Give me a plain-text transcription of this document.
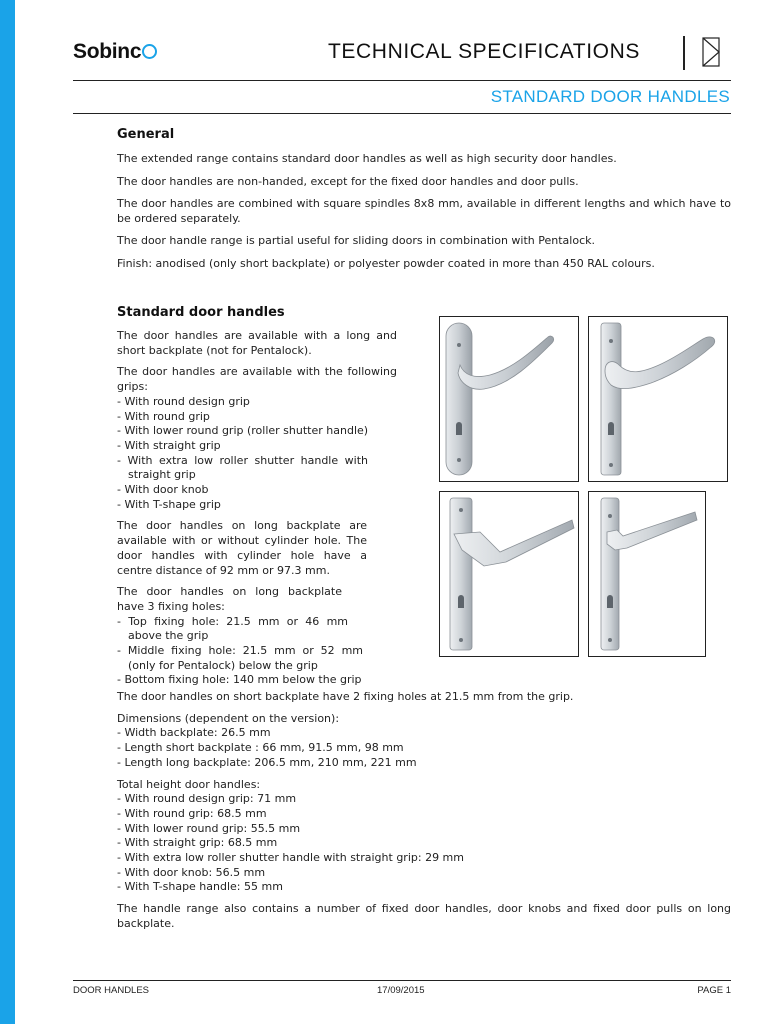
Sobinc	TECHNICAL SPECIFICATIONS
STANDARD DOOR HANDLES
General

The extended range contains standard door handles as well as high security door handles.

The door handles are non-handed, except for the fixed door handles and door pulls.

The door handles are combined with square spindles 8x8 mm, available in different lengths and which have to be ordered separately.

The door handle range is partial useful for sliding doors in combination with Pentalock.

Finish: anodised (only short backplate) or polyester powder coated in more than 450 RAL colours.

Standard door handles

The door handles are available with a long and short backplate (not for Pentalock).

The door handles are available with the following grips:

- With round design grip
- With round grip
- With lower round grip (roller shutter handle)
- With straight grip
- With extra low roller shutter handle with straight grip
- With door knob
- With T-shape grip

The door handles on long backplate are available with or without cylinder hole. The door handles with cylinder hole have a centre distance of 92 mm or 97.3 mm.

The door handles on long backplate have 3 fixing holes:

- Top fixing hole: 21.5 mm or 46 mm above the grip
- Middle fixing hole: 21.5 mm or 52 mm (only for Pentalock) below the grip
- Bottom fixing hole: 140 mm below the grip

The door handles on short backplate have 2 fixing holes at 21.5 mm from the grip.

Dimensions (dependent on the version):

- Width backplate: 26.5 mm
- Length short backplate : 66 mm, 91.5 mm, 98 mm
- Length long backplate: 206.5 mm, 210 mm, 221 mm

Total height door handles:

- With round design grip: 71 mm
- With round grip: 68.5 mm
- With lower round grip: 55.5 mm
- With straight grip: 68.5 mm
- With extra low roller shutter handle with straight grip: 29 mm
- With door knob: 56.5 mm
- With T-shape handle: 55 mm

The handle range also contains a number of fixed door handles, door knobs and fixed door pulls on long backplate.

DOOR HANDLES	17/09/2015	PAGE 1
